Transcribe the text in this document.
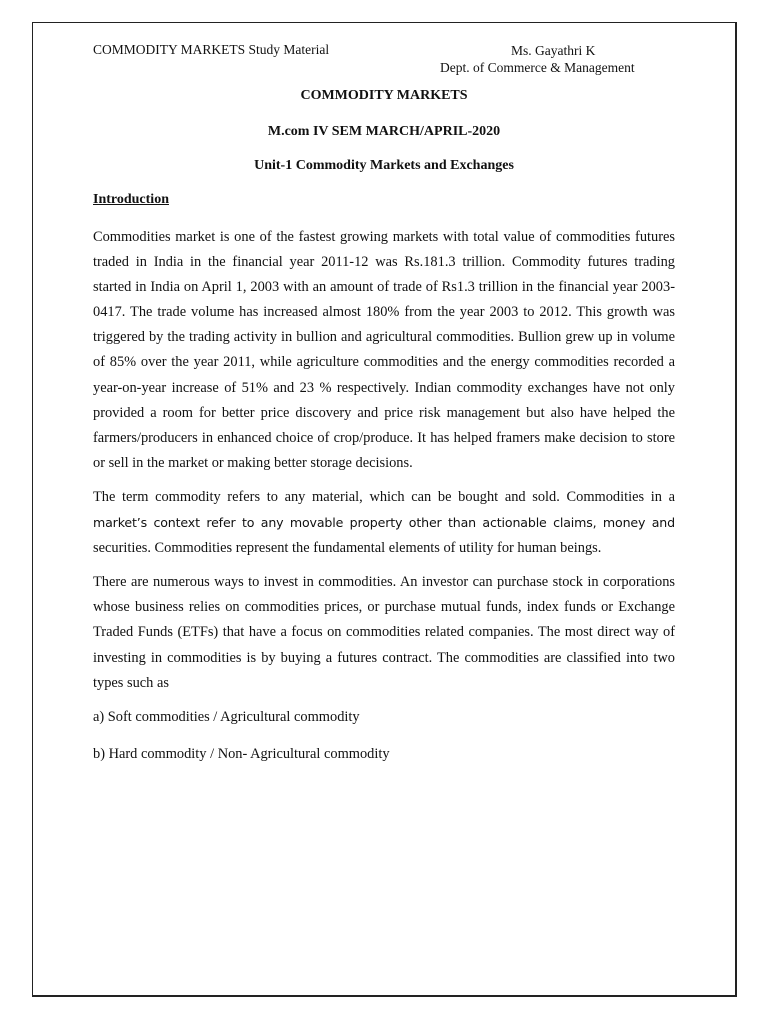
COMMODITY MARKETS Study Material	Ms. Gayathri K
Dept. of Commerce & Management
COMMODITY MARKETS
M.com IV SEM MARCH/APRIL-2020
Unit-1 Commodity Markets and Exchanges
Introduction

Commodities market is one of the fastest growing markets with total value of commodities futures traded in India in the financial year 2011-12 was Rs.181.3 trillion. Commodity futures trading started in India on April 1, 2003 with an amount of trade of Rs1.3 trillion in the financial year 2003-0417. The trade volume has increased almost 180% from the year 2003 to 2012. This growth was triggered by the trading activity in bullion and agricultural commodities. Bullion grew up in volume of 85% over the year 2011, while agriculture commodities and the energy commodities recorded a year-on-year increase of 51% and 23 % respectively. Indian commodity exchanges have not only provided a room for better price discovery and price risk management but also have helped the farmers/producers in enhanced choice of crop/produce. It has helped framers make decision to store or sell in the market or making better storage decisions.

The term commodity refers to any material, which can be bought and sold. Commodities in a market’s context refer to any movable property other than actionable claims, money and securities. Commodities represent the fundamental elements of utility for human beings.

There are numerous ways to invest in commodities. An investor can purchase stock in corporations whose business relies on commodities prices, or purchase mutual funds, index funds or Exchange Traded Funds (ETFs) that have a focus on commodities related companies. The most direct way of investing in commodities is by buying a futures contract. The commodities are classified into two types such as

a) Soft commodities / Agricultural commodity

b) Hard commodity / Non- Agricultural commodity
